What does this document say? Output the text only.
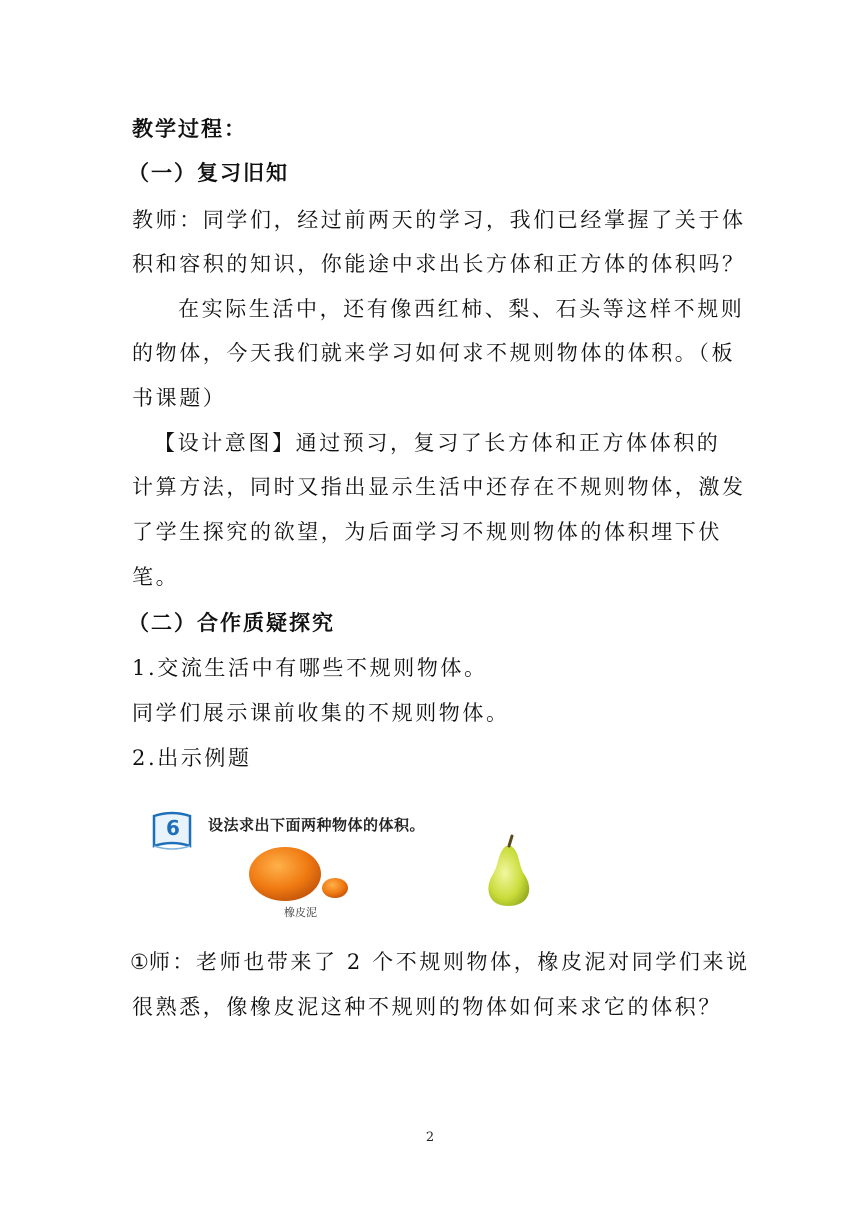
教学过程：
（一）复习旧知
教师：同学们，经过前两天的学习，我们已经掌握了关于体
积和容积的知识，你能途中求出长方体和正方体的体积吗？
在实际生活中，还有像西红柿、梨、石头等这样不规则
的物体，今天我们就来学习如何求不规则物体的体积。（板
书课题）
【设计意图】通过预习，复习了长方体和正方体体积的
计算方法，同时又指出显示生活中还存在不规则物体，激发
了学生探究的欲望，为后面学习不规则物体的体积埋下伏
笔。
（二）合作质疑探究
1.交流生活中有哪些不规则物体。
同学们展示课前收集的不规则物体。
2.出示例题
6 设法求出下面两种物体的体积。
橡皮泥
①师：老师也带来了 2 个不规则物体，橡皮泥对同学们来说
很熟悉，像橡皮泥这种不规则的物体如何来求它的体积？
2
